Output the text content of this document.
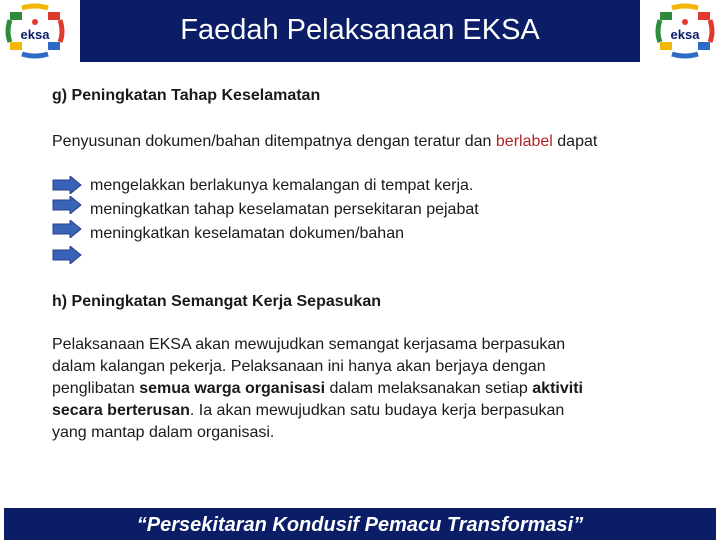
Faedah Pelaksanaan EKSA
eksa	eksa

g) Peningkatan Tahap Keselamatan

Penyusunan dokumen/bahan ditempatnya dengan teratur dan berlabel dapat

mengelakkan berlakunya kemalangan di tempat kerja.
meningkatkan tahap keselamatan persekitaran pejabat
meningkatkan keselamatan dokumen/bahan

h) Peningkatan Semangat Kerja Sepasukan

Pelaksanaan EKSA akan mewujudkan semangat kerjasama berpasukan

dalam kalangan pekerja. Pelaksanaan ini hanya akan berjaya dengan

penglibatan semua warga organisasi dalam melaksanakan setiap aktiviti

secara berterusan. Ia akan mewujudkan satu budaya kerja berpasukan

yang mantap dalam organisasi.

“Persekitaran Kondusif Pemacu Transformasi”
